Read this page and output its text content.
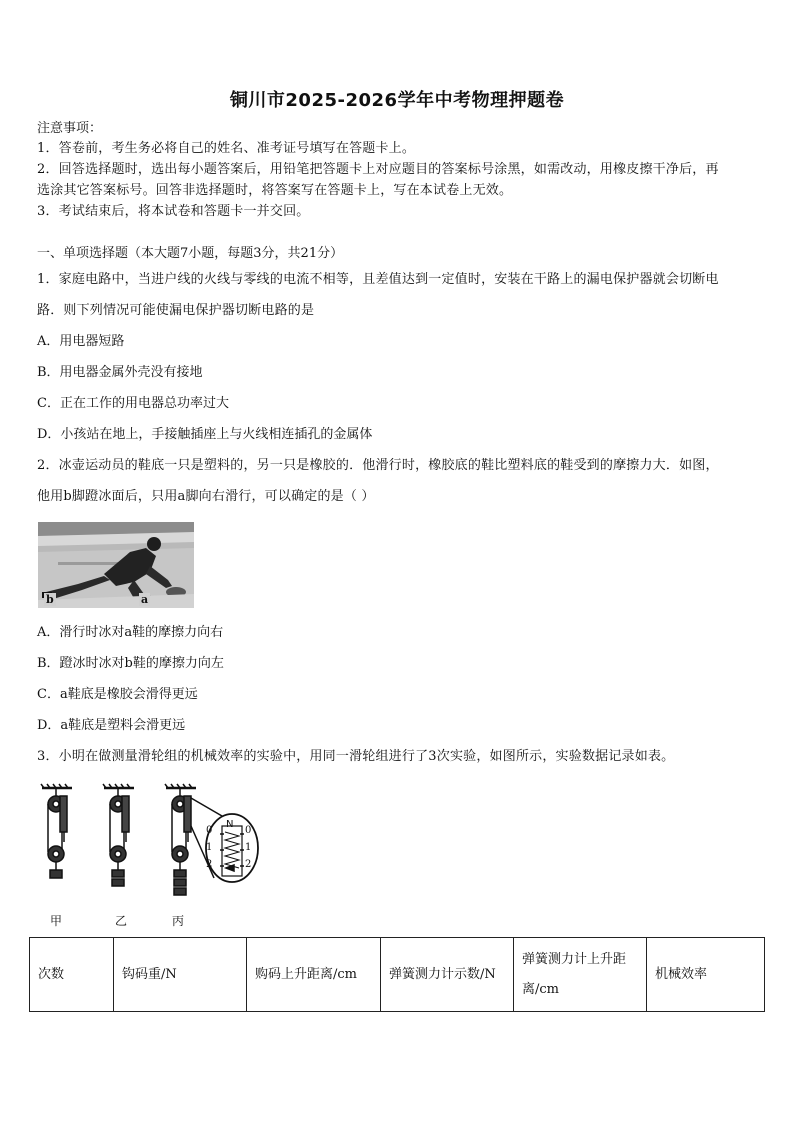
铜川市2025-2026学年中考物理押题卷
注意事项：
1．答卷前，考生务必将自己的姓名、准考证号填写在答题卡上。
2．回答选择题时，选出每小题答案后，用铅笔把答题卡上对应题目的答案标号涂黑，如需改动，用橡皮擦干净后，再
选涂其它答案标号。回答非选择题时，将答案写在答题卡上，写在本试卷上无效。
3．考试结束后，将本试卷和答题卡一并交回。
一、单项选择题（本大题7小题，每题3分，共21分）
1．家庭电路中，当进户线的火线与零线的电流不相等，且差值达到一定值时，安装在干路上的漏电保护器就会切断电
路．则下列情况可能使漏电保护器切断电路的是
A．用电器短路
B．用电器金属外壳没有接地
C．正在工作的用电器总功率过大
D．小孩站在地上，手接触插座上与火线相连插孔的金属体
2．冰壶运动员的鞋底一只是塑料的，另一只是橡胶的．他滑行时，橡胶底的鞋比塑料底的鞋受到的摩擦力大．如图，
他用b脚蹬冰面后，只用a脚向右滑行，可以确定的是（ ）
b	a
A．滑行时冰对a鞋的摩擦力向右
B．蹬冰时冰对b鞋的摩擦力向左
C．a鞋底是橡胶会滑得更远
D．a鞋底是塑料会滑更远
3．小明在做测量滑轮组的机械效率的实验中，用同一滑轮组进行了3次实验，如图所示，实验数据记录如表。
N
0
1
2
0
1
2
甲	乙	丙
次数	钩码重/N	购码上升距离/cm	弹簧测力计示数/N	弹簧测力计上升距离/cm	机械效率
